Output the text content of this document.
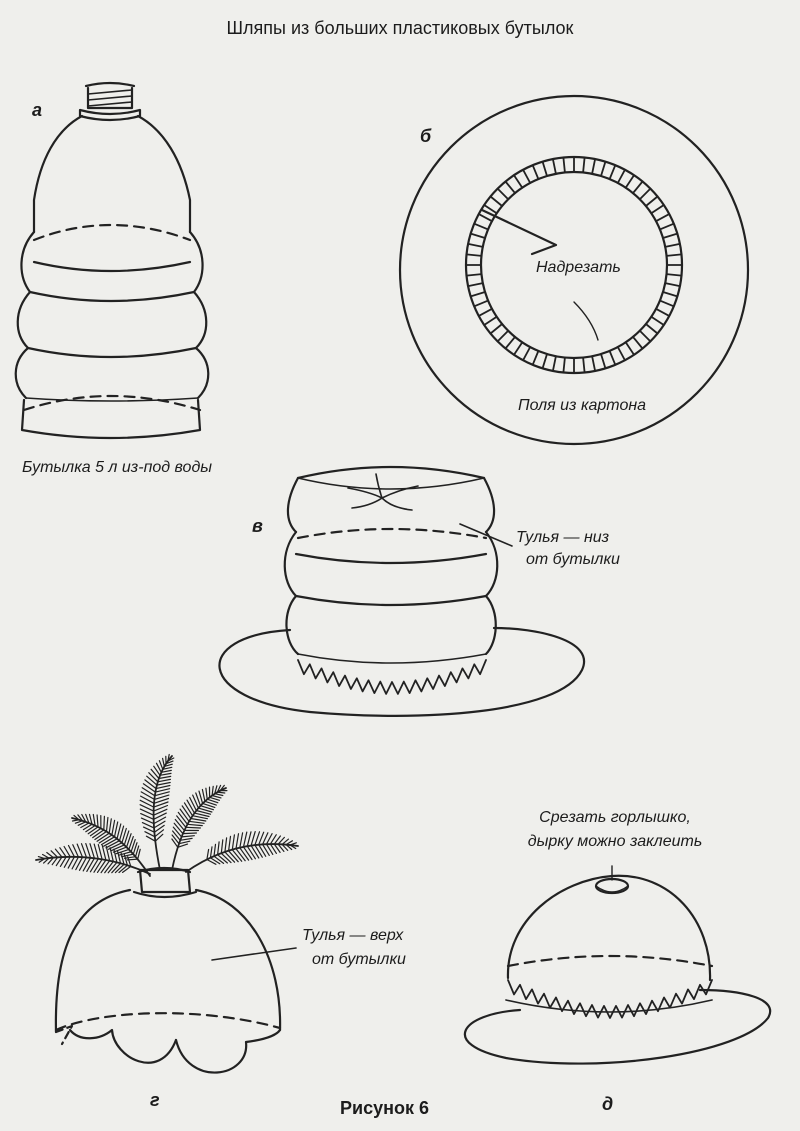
Шляпы из больших пластиковых бутылок
а
Бутылка 5 л из-под воды
б
Надрезать
Поля из картона
в
Тулья — низ
от бутылки
Тулья — верх
от бутылки
г
Срезать горлышко,
дырку можно заклеить
д
Рисунок 6
